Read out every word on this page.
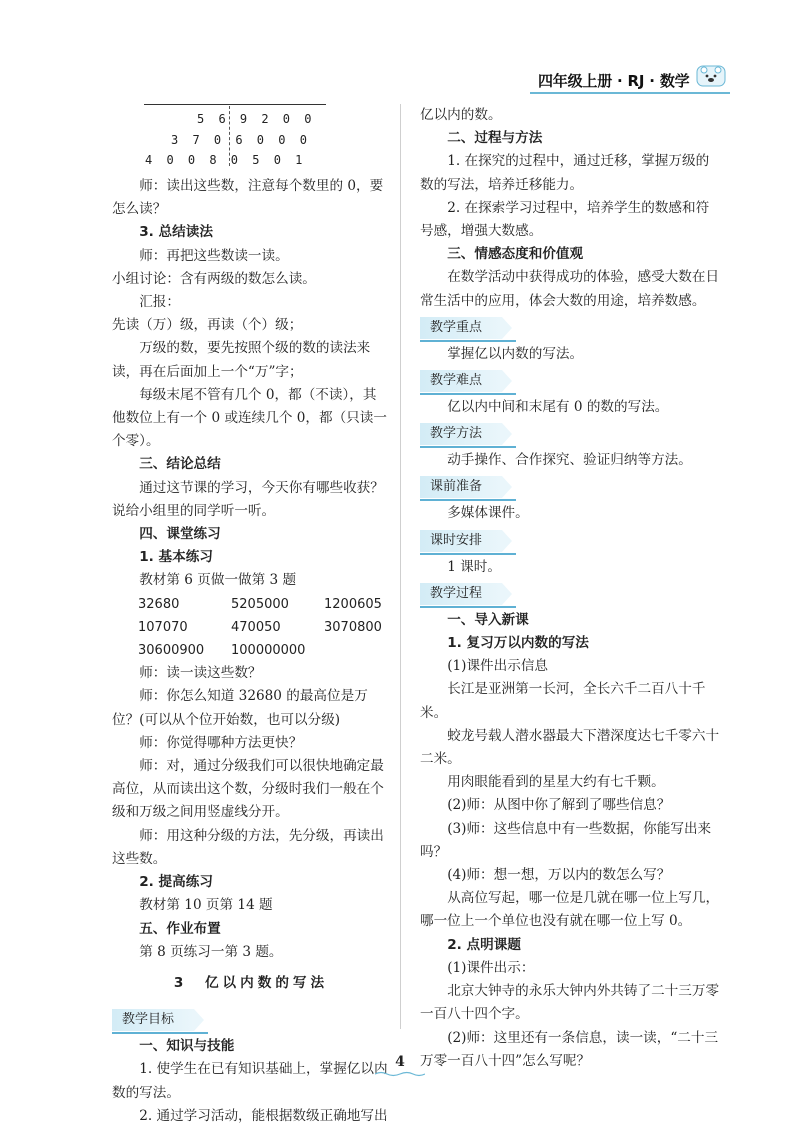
四年级上册 · RJ · 数学
5 6 9 2 0 0
3 7 0 6 0 0 0
4 0 0 8 0 5 0 1

师：读出这些数，注意每个数里的 0，要怎么读？

3. 总结读法

师：再把这些数读一读。

小组讨论：含有两级的数怎么读。

汇报：

先读（万）级，再读（个）级；

万级的数，要先按照个级的数的读法来读，再在后面加上一个“万”字；

每级末尾不管有几个 0，都（不读），其他数位上有一个 0 或连续几个 0，都（只读一个零）。

三、结论总结

通过这节课的学习，今天你有哪些收获？

说给小组里的同学听一听。

四、课堂练习

1. 基本练习

教材第 6 页做一做第 3 题

32680	5205000	1200605
107070	470050	3070800
30600900	100000000

师：读一读这些数？

师：你怎么知道 32680 的最高位是万位？(可以从个位开始数，也可以分级)

师：你觉得哪种方法更快？

师：对，通过分级我们可以很快地确定最高位，从而读出这个数，分级时我们一般在个级和万级之间用竖虚线分开。

师：用这种分级的方法，先分级，再读出这些数。

2. 提高练习

教材第 10 页第 14 题

五、作业布置

第 8 页练习一第 3 题。

3　亿以内数的写法
教学目标

一、知识与技能

1. 使学生在已有知识基础上，掌握亿以内数的写法。

2. 通过学习活动，能根据数级正确地写出

亿以内的数。

二、过程与方法

1. 在探究的过程中，通过迁移，掌握万级的数的写法，培养迁移能力。

2. 在探索学习过程中，培养学生的数感和符号感，增强大数感。

三、情感态度和价值观

在数学活动中获得成功的体验，感受大数在日常生活中的应用，体会大数的用途，培养数感。

教学重点

掌握亿以内数的写法。

教学难点

亿以内中间和末尾有 0 的数的写法。

教学方法

动手操作、合作探究、验证归纳等方法。

课前准备

多媒体课件。

课时安排

1 课时。

教学过程

一、导入新课

1. 复习万以内数的写法

(1)课件出示信息

长江是亚洲第一长河，全长六千二百八十千米。

蛟龙号载人潜水器最大下潜深度达七千零六十二米。

用肉眼能看到的星星大约有七千颗。

(2)师：从图中你了解到了哪些信息？

(3)师：这些信息中有一些数据，你能写出来吗？

(4)师：想一想，万以内的数怎么写？

从高位写起，哪一位是几就在哪一位上写几，哪一位上一个单位也没有就在哪一位上写 0。

2. 点明课题

(1)课件出示：

北京大钟寺的永乐大钟内外共铸了二十三万零一百八十四个字。

(2)师：这里还有一条信息，读一读，“二十三万零一百八十四”怎么写呢？

4
